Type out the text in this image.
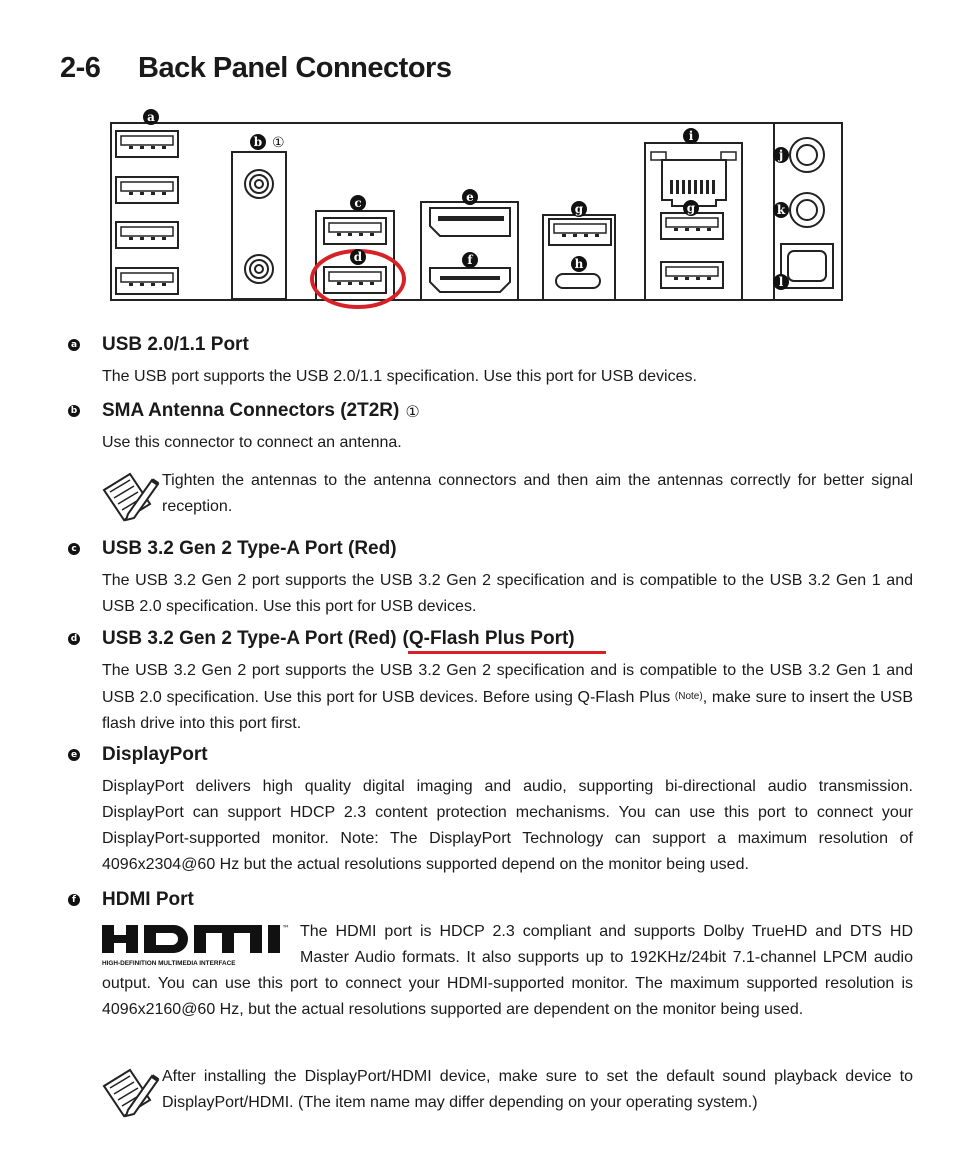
2-6 Back Panel Connectors
a
b
c
d
e
f
g
h
i
j
k
l
g
①
a USB 2.0/1.1 Port

The USB port supports the USB 2.0/1.1 specification. Use this port for USB devices.

b SMA Antenna Connectors (2T2R) ①

Use this connector to connect an antenna.

Tighten the antennas to the antenna connectors and then aim the antennas correctly for better signal reception.

c USB 3.2 Gen 2 Type-A Port (Red)

The USB 3.2 Gen 2 port supports the USB 3.2 Gen 2 specification and is compatible to the USB 3.2 Gen 1 and USB 2.0 specification. Use this port for USB devices.

d USB 3.2 Gen 2 Type-A Port (Red) (Q-Flash Plus Port)

The USB 3.2 Gen 2 port supports the USB 3.2 Gen 2 specification and is compatible to the USB 3.2 Gen 1 and USB 2.0 specification. Use this port for USB devices. Before using Q-Flash Plus $^{(Note)}$, make sure to insert the USB flash drive into this port first.

e DisplayPort

DisplayPort delivers high quality digital imaging and audio, supporting bi-directional audio transmission. DisplayPort can support HDCP 2.3 content protection mechanisms. You can use this port to connect your DisplayPort-supported monitor. Note: The DisplayPort Technology can support a maximum resolution of 4096x2304@60 Hz but the actual resolutions supported depend on the monitor being used.

f HDMI Port

™
HIGH-DEFINITION MULTIMEDIA INTERFACE
The HDMI port is HDCP 2.3 compliant and supports Dolby TrueHD and DTS HD Master Audio formats. It also supports up to 192KHz/24bit 7.1-channel LPCM audio output. You can use this port to connect your HDMI-supported monitor. The maximum supported resolution is 4096x2160@60 Hz, but the actual resolutions supported are dependent on the monitor being used.

After installing the DisplayPort/HDMI device, make sure to set the default sound playback device to DisplayPort/HDMI. (The item name may differ depending on your operating system.)
